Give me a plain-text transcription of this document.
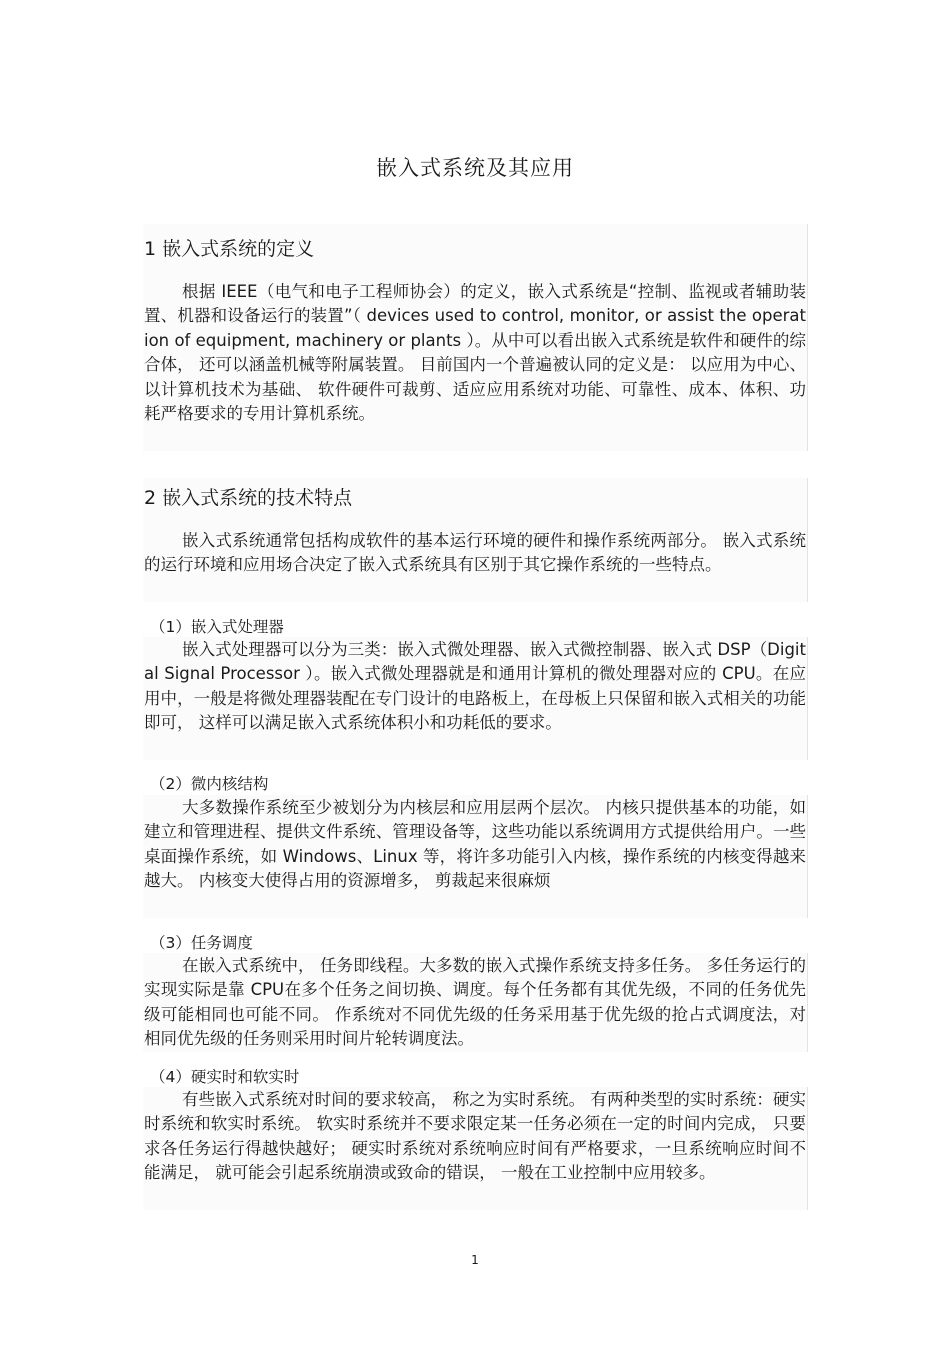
嵌入式系统及其应用
1 嵌入式系统的定义

根据 IEEE（电气和电子工程师协会）的定义，嵌入式系统是“控制、监视或者辅助装置、机器和设备运行的装置”（ devices used to control, monitor, or assist the operation of equipment, machinery or plants ）。从中可以看出嵌入式系统是软件和硬件的综合体， 还可以涵盖机械等附属装置。 目前国内一个普遍被认同的定义是： 以应用为中心、 以计算机技术为基础、 软件硬件可裁剪、适应应用系统对功能、可靠性、成本、体积、功耗严格要求的专用计算机系统。

2 嵌入式系统的技术特点

嵌入式系统通常包括构成软件的基本运行环境的硬件和操作系统两部分。 嵌入式系统的运行环境和应用场合决定了嵌入式系统具有区别于其它操作系统的一些特点。

（1）嵌入式处理器

嵌入式处理器可以分为三类：嵌入式微处理器、嵌入式微控制器、嵌入式 DSP（Digital Signal Processor ）。嵌入式微处理器就是和通用计算机的微处理器对应的 CPU。在应用中，一般是将微处理器装配在专门设计的电路板上，在母板上只保留和嵌入式相关的功能即可， 这样可以满足嵌入式系统体积小和功耗低的要求。

（2）微内核结构

大多数操作系统至少被划分为内核层和应用层两个层次。 内核只提供基本的功能，如建立和管理进程、提供文件系统、管理设备等，这些功能以系统调用方式提供给用户。一些桌面操作系统，如 Windows、Linux 等，将许多功能引入内核，操作系统的内核变得越来越大。 内核变大使得占用的资源增多， 剪裁起来很麻烦

（3）任务调度

在嵌入式系统中， 任务即线程。大多数的嵌入式操作系统支持多任务。 多任务运行的实现实际是靠 CPU在多个任务之间切换、调度。每个任务都有其优先级，不同的任务优先级可能相同也可能不同。 作系统对不同优先级的任务采用基于优先级的抢占式调度法，对相同优先级的任务则采用时间片轮转调度法。

（4）硬实时和软实时

有些嵌入式系统对时间的要求较高， 称之为实时系统。 有两种类型的实时系统：硬实时系统和软实时系统。 软实时系统并不要求限定某一任务必须在一定的时间内完成， 只要求各任务运行得越快越好； 硬实时系统对系统响应时间有严格要求，一旦系统响应时间不能满足， 就可能会引起系统崩溃或致命的错误， 一般在工业控制中应用较多。

1
